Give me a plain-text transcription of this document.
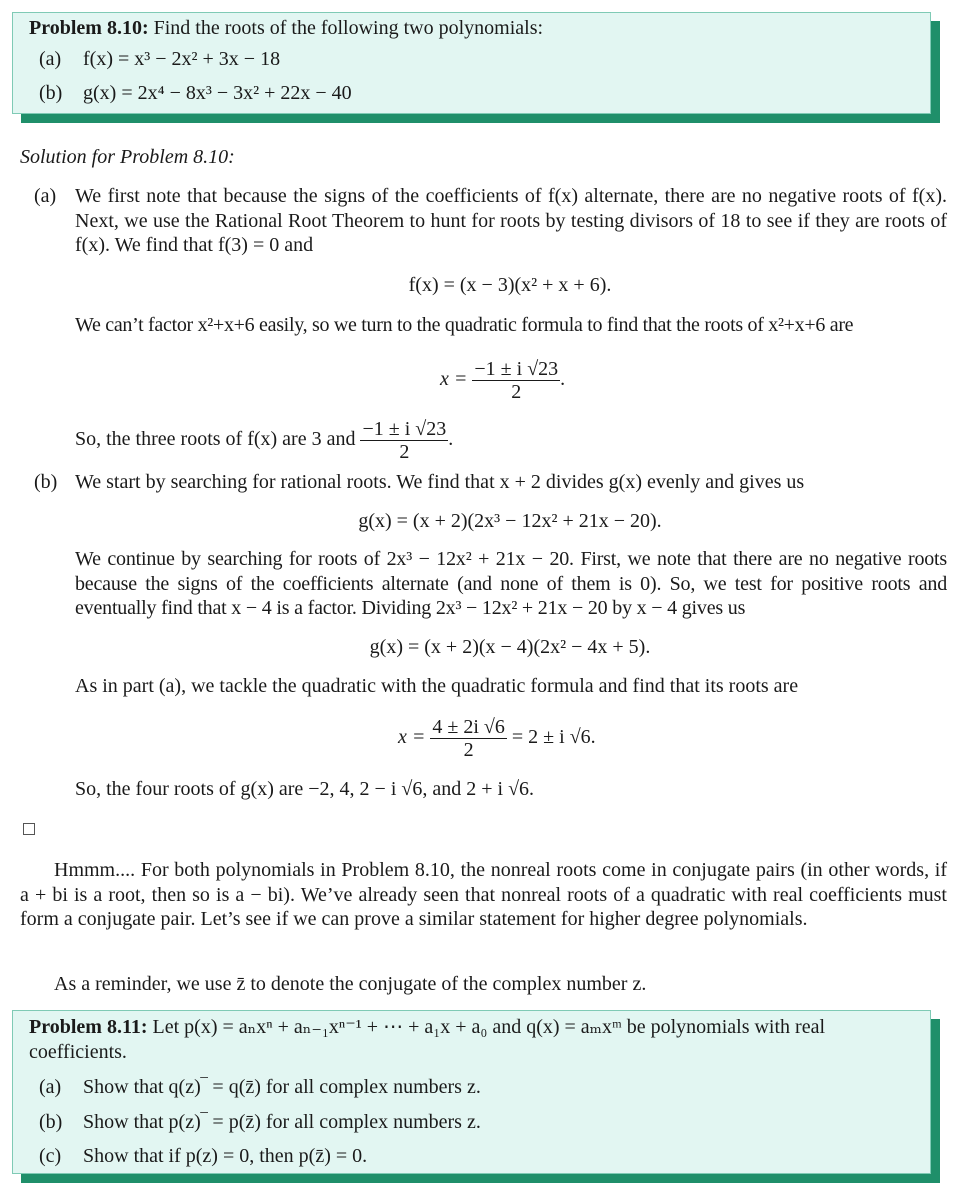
Problem 8.10: Find the roots of the following two polynomials:
(a) f(x) = x³ − 2x² + 3x − 18
(b) g(x) = 2x⁴ − 8x³ − 3x² + 22x − 40
Solution for Problem 8.10:
(a) We first note that because the signs of the coefficients of f(x) alternate, there are no negative roots of f(x). Next, we use the Rational Root Theorem to hunt for roots by testing divisors of 18 to see if they are roots of f(x). We find that f(3) = 0 and
f(x) = (x − 3)(x² + x + 6).
We can’t factor x²+x+6 easily, so we turn to the quadratic formula to find that the roots of x²+x+6 are
$x = \frac{-1 \pm i √23}{2}$ .
So, the three roots of f(x) are 3 and $\frac{-1 \pm i √23}{2}$ .
(b) We start by searching for rational roots. We find that x + 2 divides g(x) evenly and gives us
g(x) = (x + 2)(2x³ − 12x² + 21x − 20).
We continue by searching for roots of 2x³ − 12x² + 21x − 20. First, we note that there are no negative roots because the signs of the coefficients alternate (and none of them is 0). So, we test for positive roots and eventually find that x − 4 is a factor. Dividing 2x³ − 12x² + 21x − 20 by x − 4 gives us
g(x) = (x + 2)(x − 4)(2x² − 4x + 5).
As in part (a), we tackle the quadratic with the quadratic formula and find that its roots are
$x = \frac{4 \pm 2i √6}{2} = 2 \pm i$ √6.
So, the four roots of g(x) are −2, 4, 2 − i √6, and 2 + i √6.
Hmmm.... For both polynomials in Problem 8.10, the nonreal roots come in conjugate pairs (in other words, if a + bi is a root, then so is a − bi). We’ve already seen that nonreal roots of a quadratic with real coefficients must form a conjugate pair. Let’s see if we can prove a similar statement for higher degree polynomials.
As a reminder, we use z̄ to denote the conjugate of the complex number z.
Problem 8.11: Let p(x) = aₙxⁿ + aₙ₋₁xⁿ⁻¹ + ⋯ + a₁x + a₀ and q(x) = aₘxᵐ be polynomials with real coefficients.
(a) Show that q(z)‾ = q(z̄) for all complex numbers z.
(b) Show that p(z)‾ = p(z̄) for all complex numbers z.
(c) Show that if p(z) = 0, then p(z̄) = 0.
